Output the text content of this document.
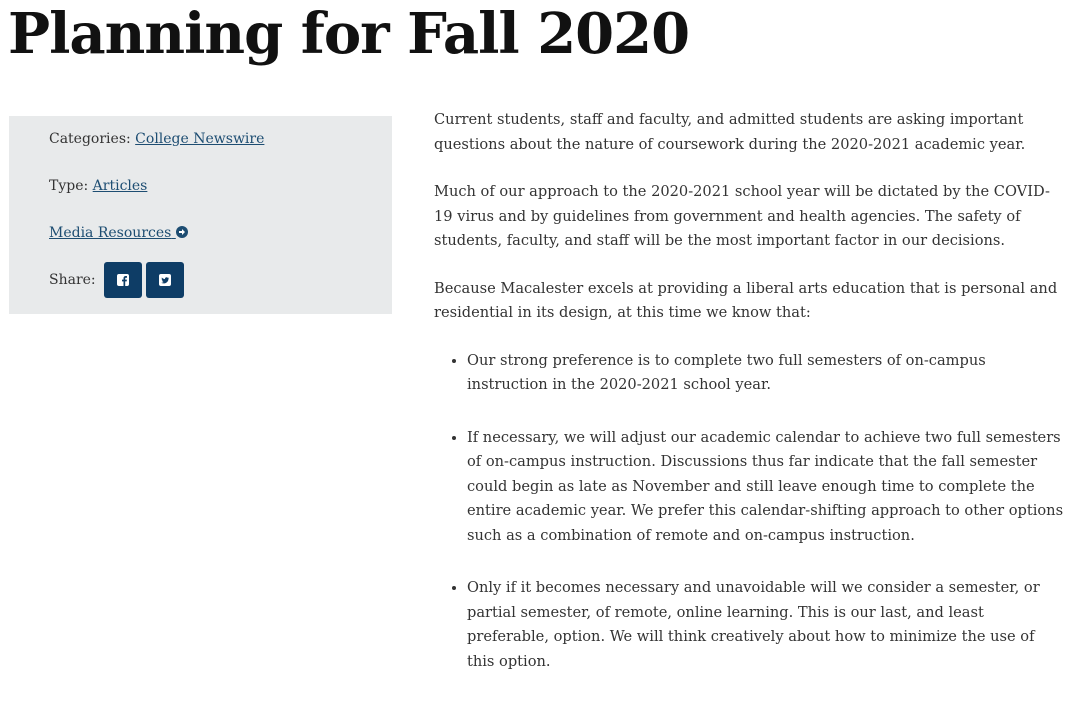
Planning for Fall 2020
Categories: College Newswire
Type: Articles
Media Resources
Share:

Current students, staff and faculty, and admitted students are asking important questions about the nature of coursework during the 2020-2021 academic year.

Much of our approach to the 2020-2021 school year will be dictated by the COVID-19 virus and by guidelines from government and health agencies. The safety of students, faculty, and staff will be the most important factor in our decisions.

Because Macalester excels at providing a liberal arts education that is personal and residential in its design, at this time we know that:

• Our strong preference is to complete two full semesters of on-campus instruction in the 2020-2021 school year.
• If necessary, we will adjust our academic calendar to achieve two full semesters of on-campus instruction. Discussions thus far indicate that the fall semester could begin as late as November and still leave enough time to complete the entire academic year. We prefer this calendar-shifting approach to other options such as a combination of remote and on-campus instruction.
• Only if it becomes necessary and unavoidable will we consider a semester, or partial semester, of remote, online learning. This is our last, and least preferable, option. We will think creatively about how to minimize the use of this option.
